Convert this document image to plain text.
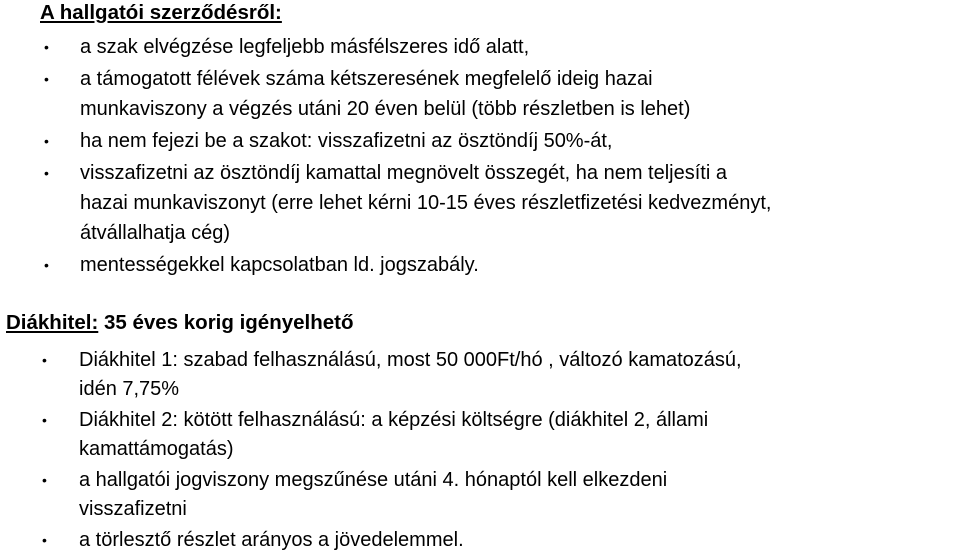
A hallgatói szerződésről:
• a szak elvégzése legfeljebb másfélszeres idő alatt,
• a támogatott félévek száma kétszeresének megfelelő ideig hazai
munkaviszony a végzés utáni 20 éven belül (több részletben is lehet)
• ha nem fejezi be a szakot: visszafizetni az ösztöndíj 50%-át,
• visszafizetni az ösztöndíj kamattal megnövelt összegét, ha nem teljesíti a
hazai munkaviszonyt (erre lehet kérni 10-15 éves részletfizetési kedvezményt,
átvállalhatja cég)
• mentességekkel kapcsolatban ld. jogszabály.
Diákhitel: 35 éves korig igényelhető
• Diákhitel 1: szabad felhasználású, most 50 000Ft/hó , változó kamatozású,
idén 7,75%
• Diákhitel 2: kötött felhasználású: a képzési költségre (diákhitel 2, állami
kamattámogatás)
• a hallgatói jogviszony megszűnése utáni 4. hónaptól kell elkezdeni
visszafizetni
• a törlesztő részlet arányos a jövedelemmel.
